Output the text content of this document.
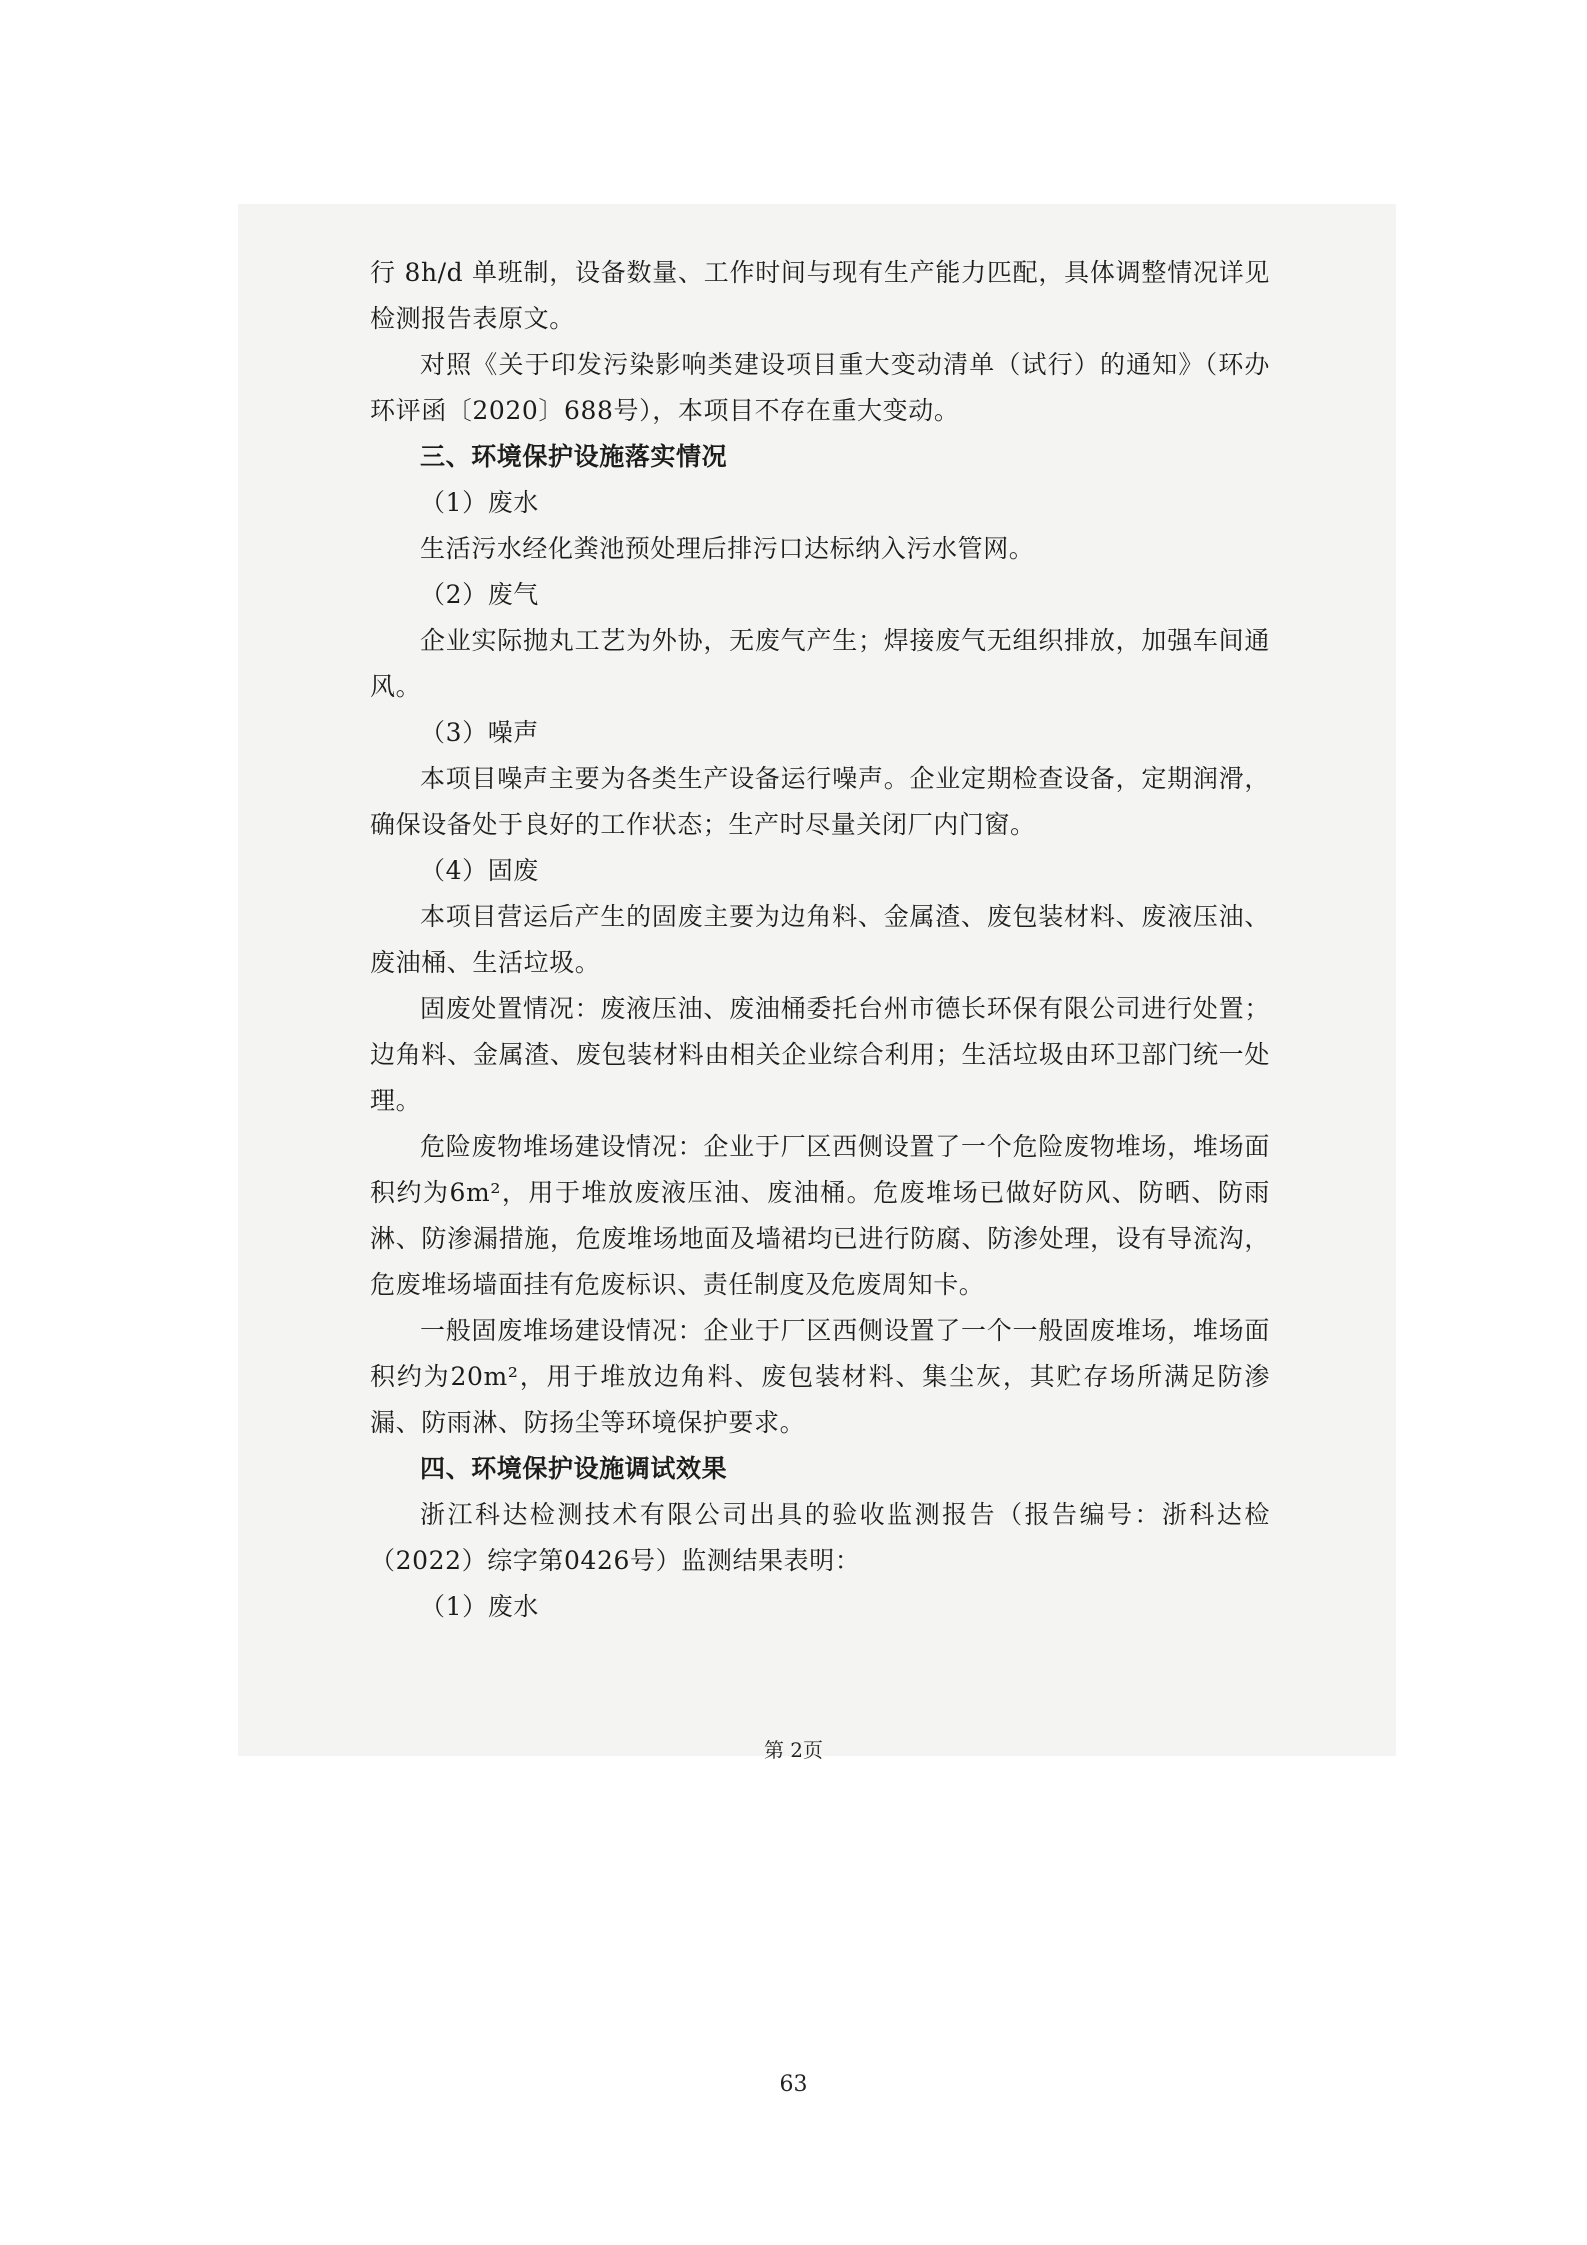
行 8h/d 单班制，设备数量、工作时间与现有生产能力匹配，具体调整情况详见检测报告表原文。

对照《关于印发污染影响类建设项目重大变动清单（试行）的通知》（环办环评函〔2020〕688号），本项目不存在重大变动。

三、环境保护设施落实情况

（1）废水

生活污水经化粪池预处理后排污口达标纳入污水管网。

（2）废气

企业实际抛丸工艺为外协，无废气产生；焊接废气无组织排放，加强车间通风。

（3）噪声

本项目噪声主要为各类生产设备运行噪声。企业定期检查设备，定期润滑，确保设备处于良好的工作状态；生产时尽量关闭厂内门窗。

（4）固废

本项目营运后产生的固废主要为边角料、金属渣、废包装材料、废液压油、废油桶、生活垃圾。

固废处置情况：废液压油、废油桶委托台州市德长环保有限公司进行处置；边角料、金属渣、废包装材料由相关企业综合利用；生活垃圾由环卫部门统一处理。

危险废物堆场建设情况：企业于厂区西侧设置了一个危险废物堆场，堆场面积约为6m²，用于堆放废液压油、废油桶。危废堆场已做好防风、防晒、防雨淋、防渗漏措施，危废堆场地面及墙裙均已进行防腐、防渗处理，设有导流沟，危废堆场墙面挂有危废标识、责任制度及危废周知卡。

一般固废堆场建设情况：企业于厂区西侧设置了一个一般固废堆场，堆场面积约为20m²，用于堆放边角料、废包装材料、集尘灰，其贮存场所满足防渗漏、防雨淋、防扬尘等环境保护要求。

四、环境保护设施调试效果

浙江科达检测技术有限公司出具的验收监测报告（报告编号：浙科达检（2022）综字第0426号）监测结果表明：

（1）废水

第 2页
63
